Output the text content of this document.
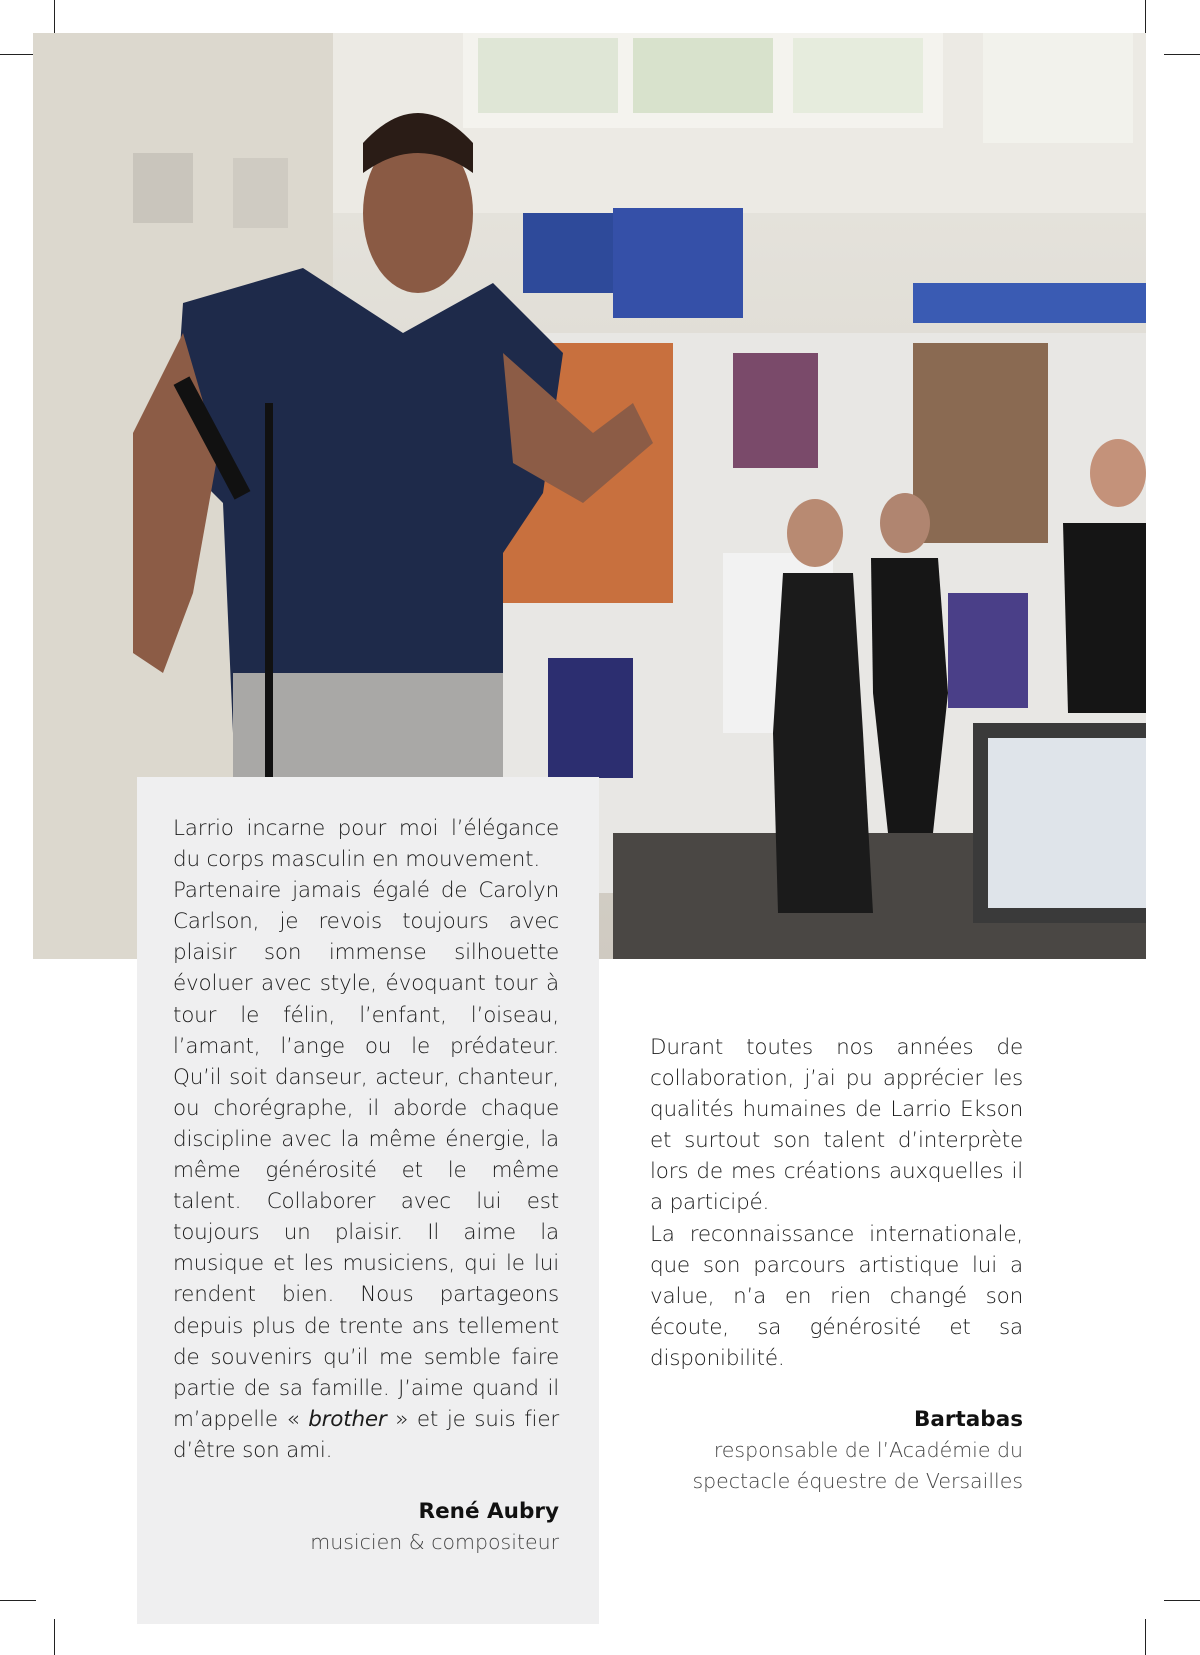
Larrio incarne pour moi l’élégance du corps masculin en mouvement.

Partenaire jamais égalé de Carolyn Carlson, je revois toujours avec plaisir son immense silhouette évoluer avec style, évoquant tour à tour le félin, l’enfant, l’oiseau, l’amant, l’ange ou le prédateur. Qu’il soit danseur, acteur, chanteur, ou chorégraphe, il aborde chaque discipline avec la même énergie, la même générosité et le même talent. Collaborer avec lui est toujours un plaisir. Il aime la musique et les musiciens, qui le lui rendent bien. Nous partageons depuis plus de trente ans tellement de souvenirs qu’il me semble faire partie de sa famille. J’aime quand il m’appelle « brother » et je suis fier d’être son ami.

René Aubry
musicien & compositeur

Durant toutes nos années de collaboration, j’ai pu apprécier les qualités humaines de Larrio Ekson et surtout son talent d’interprète lors de mes créations auxquelles il a participé.

La reconnaissance internationale, que son parcours artistique lui a value, n’a en rien changé son écoute, sa générosité et sa disponibilité.

Bartabas
responsable de l’Académie du spectacle équestre de Versailles
